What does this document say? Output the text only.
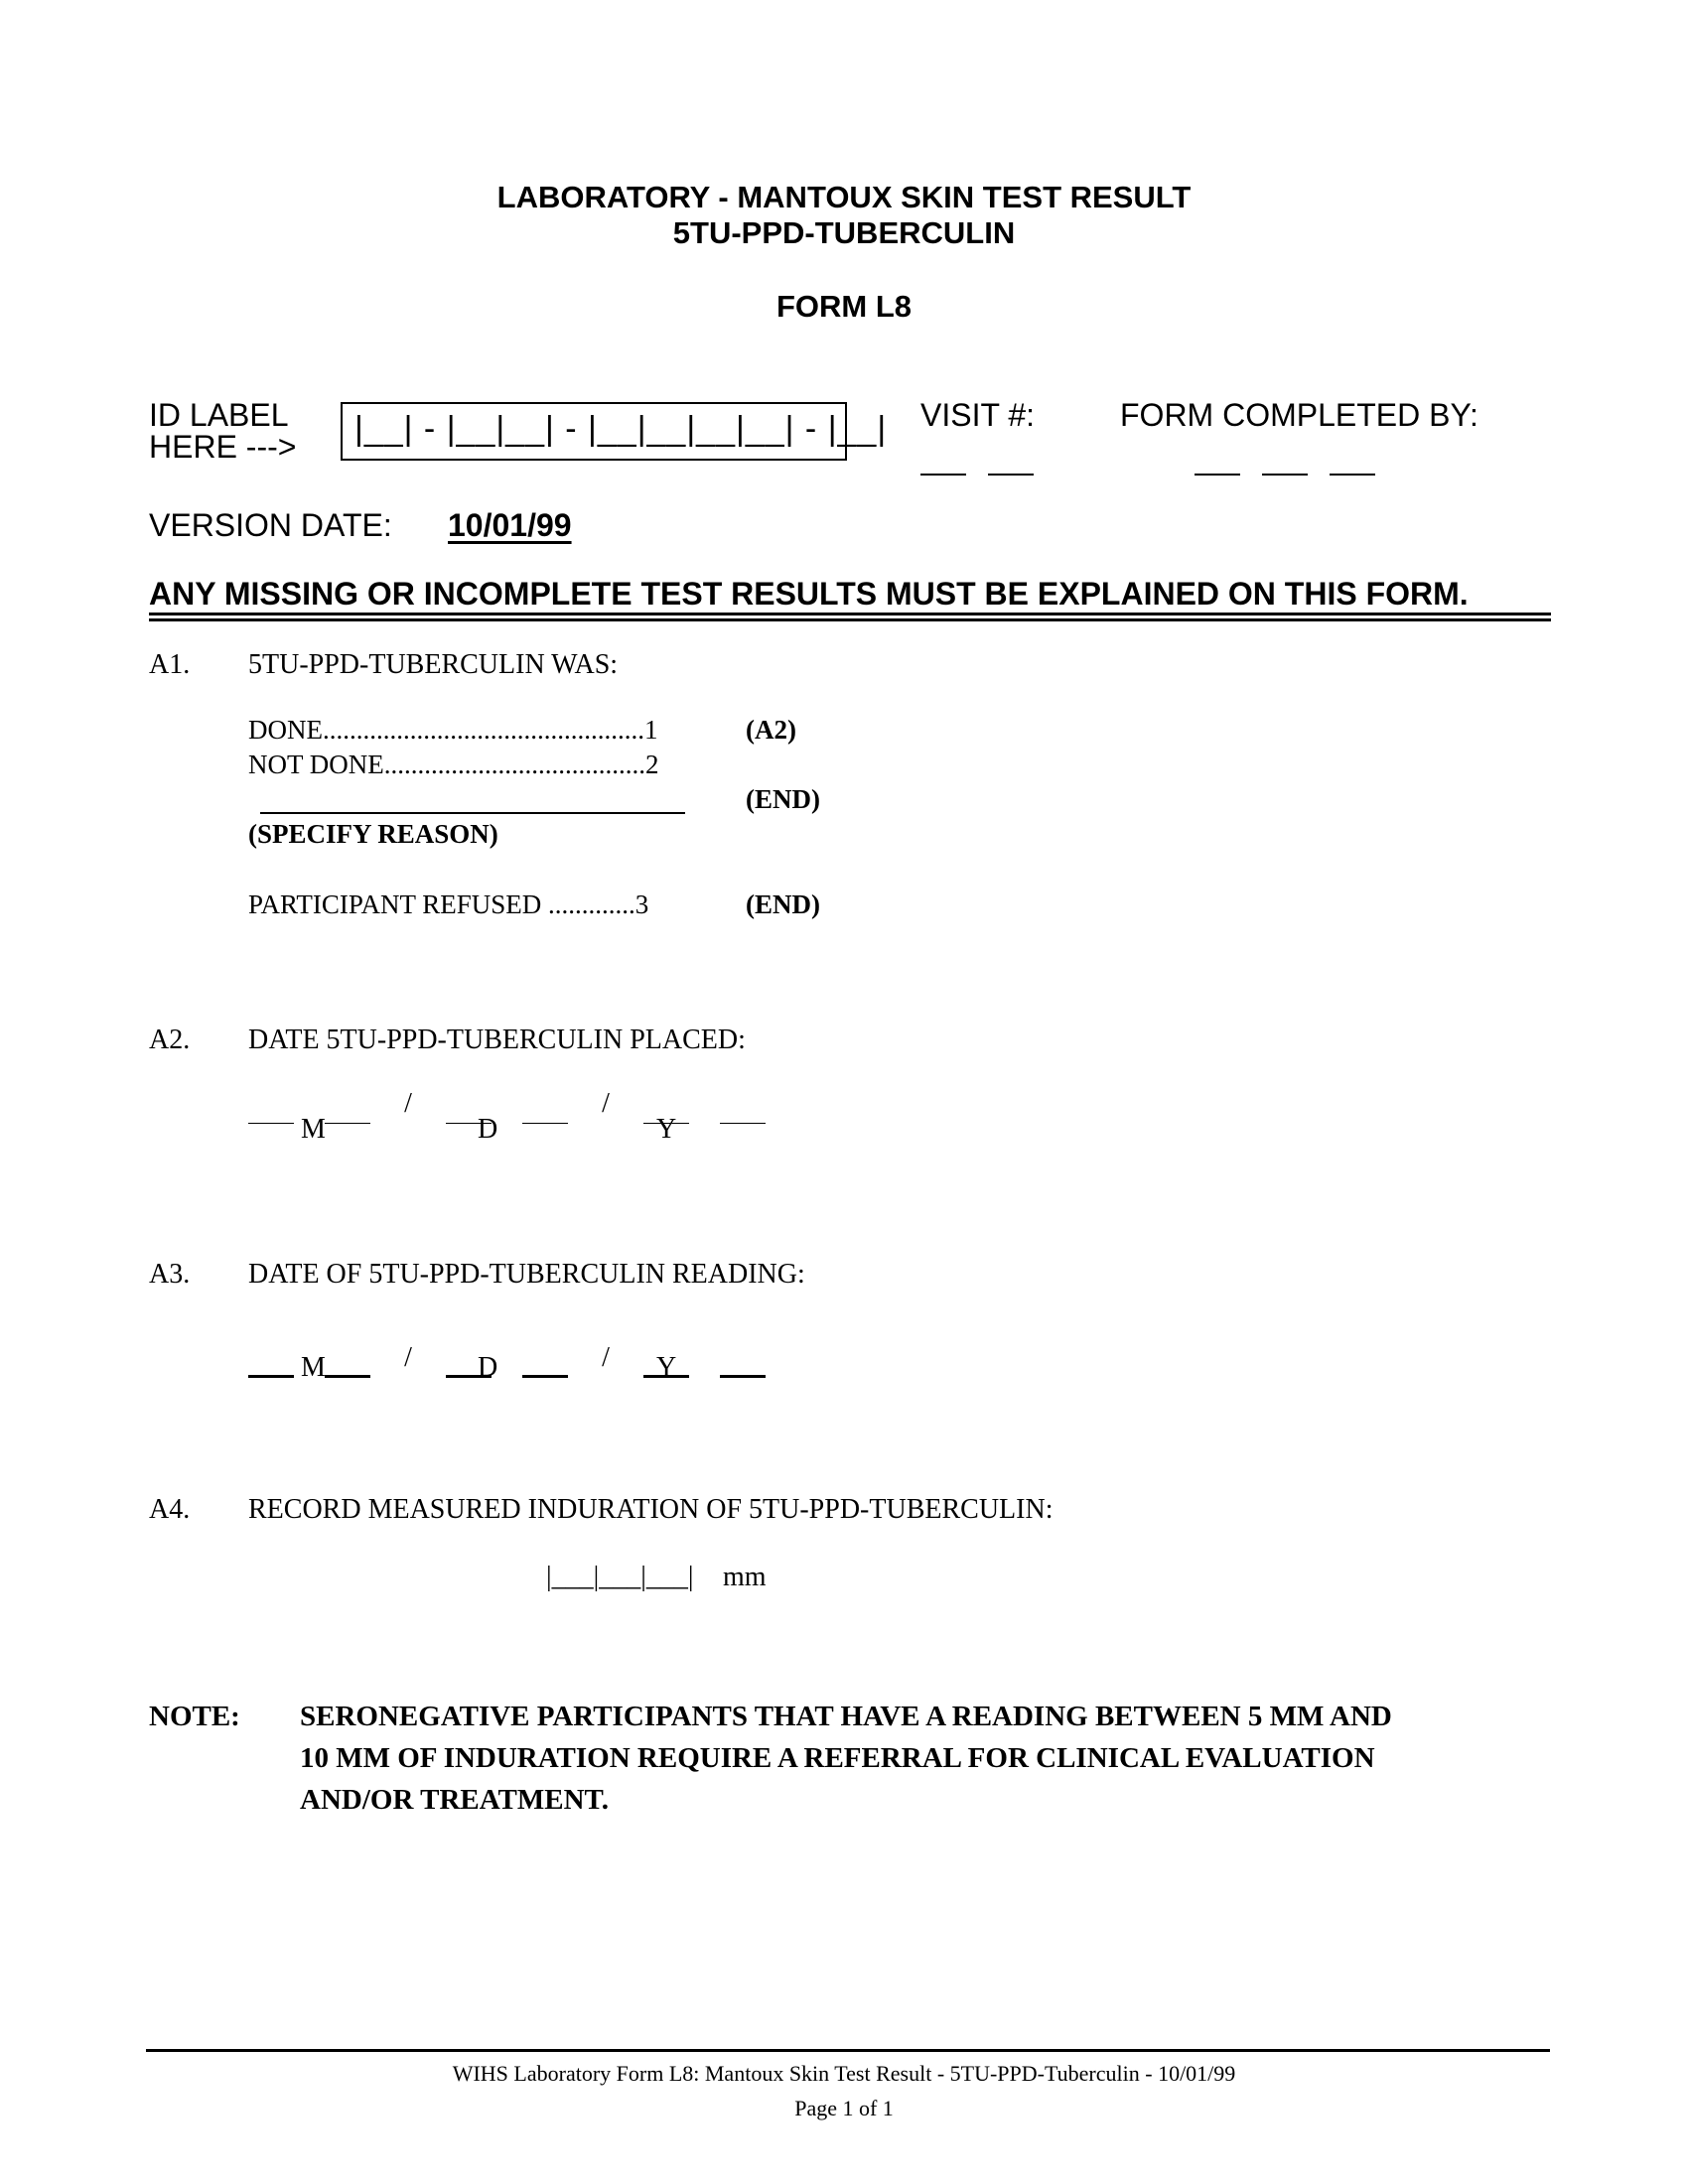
LABORATORY - MANTOUX SKIN TEST RESULT
5TU-PPD-TUBERCULIN
FORM L8
ID LABEL
HERE ---> |__| - |__|__| - |__|__|__|__| - |__| VISIT #:
	FORM COMPLETED BY:

VERSION DATE: 10/01/99
ANY MISSING OR INCOMPLETE TEST RESULTS MUST BE EXPLAINED ON THIS FORM.
A1. 5TU-PPD-TUBERCULIN WAS:
DONE................................................1	(A2)
NOT DONE.......................................2
(END)
(SPECIFY REASON)
PARTICIPANT REFUSED .............3	(END)
A2. DATE 5TU-PPD-TUBERCULIN PLACED:
/	/
M	D	Y
A3. DATE OF 5TU-PPD-TUBERCULIN READING:
/	/
M	D	Y
A4. RECORD MEASURED INDURATION OF 5TU-PPD-TUBERCULIN:
|___|___|___| mm
NOTE: SERONEGATIVE PARTICIPANTS THAT HAVE A READING BETWEEN 5 MM AND
10 MM OF INDURATION REQUIRE A REFERRAL FOR CLINICAL EVALUATION
AND/OR TREATMENT.
WIHS Laboratory Form L8: Mantoux Skin Test Result - 5TU-PPD-Tuberculin - 10/01/99
Page 1 of 1
